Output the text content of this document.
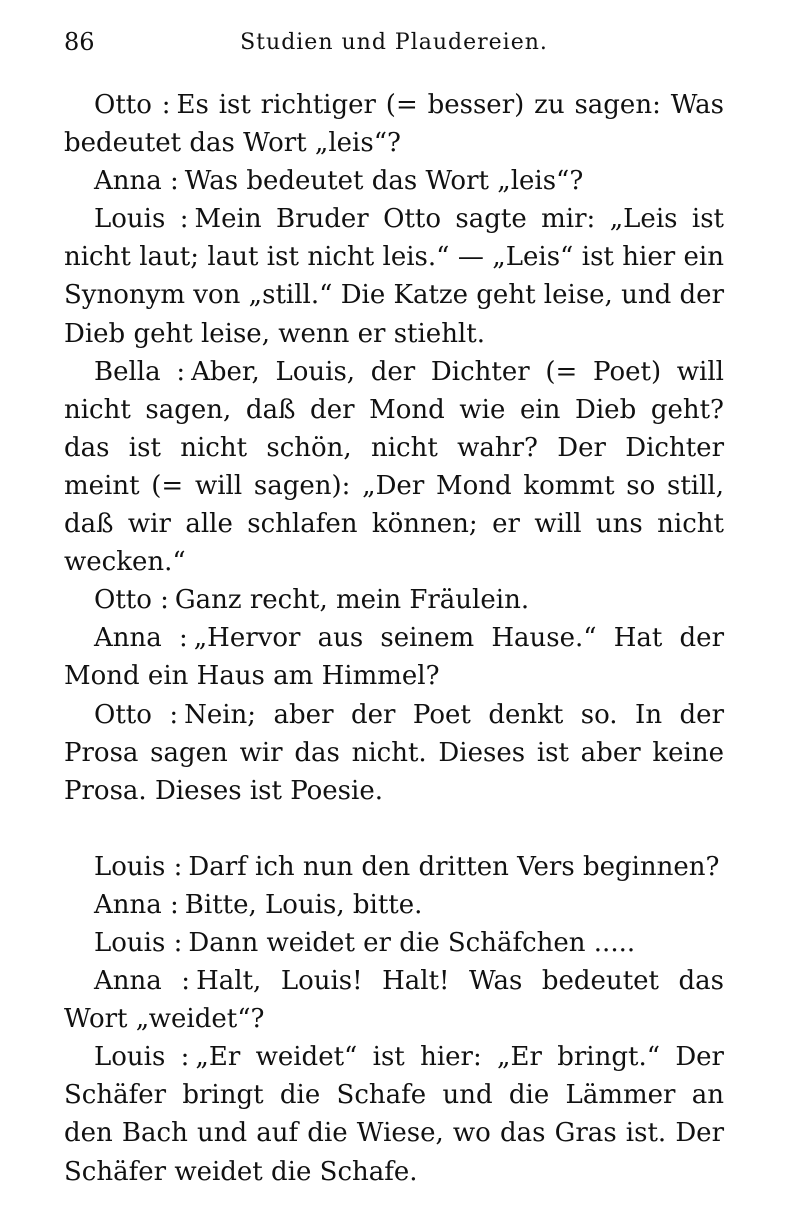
86	Studien und Plaudereien.

Otto : Es ist richtiger (= besser) zu sagen: Was bedeutet das Wort „leis“?

Anna : Was bedeutet das Wort „leis“?

Louis : Mein Bruder Otto sagte mir: „Leis ist nicht laut; laut ist nicht leis.“ — „Leis“ ist hier ein Synonym von „still.“ Die Katze geht leise, und der Dieb geht leise, wenn er stiehlt.

Bella : Aber, Louis, der Dichter (= Poet) will nicht sagen, daß der Mond wie ein Dieb geht? das ist nicht schön, nicht wahr? Der Dichter meint (= will sagen): „Der Mond kommt so still, daß wir alle schlafen können; er will uns nicht wecken.“

Otto : Ganz recht, mein Fräulein.

Anna : „Hervor aus seinem Hause.“ Hat der Mond ein Haus am Himmel?

Otto : Nein; aber der Poet denkt so. In der Prosa sagen wir das nicht. Dieses ist aber keine Prosa. Dieses ist Poesie.

Louis : Darf ich nun den dritten Vers beginnen?

Anna : Bitte, Louis, bitte.

Louis : Dann weidet er die Schäfchen .....

Anna : Halt, Louis! Halt! Was bedeutet das Wort „weidet“?

Louis : „Er weidet“ ist hier: „Er bringt.“ Der Schäfer bringt die Schafe und die Lämmer an den Bach und auf die Wiese, wo das Gras ist. Der Schäfer weidet die Schafe.
